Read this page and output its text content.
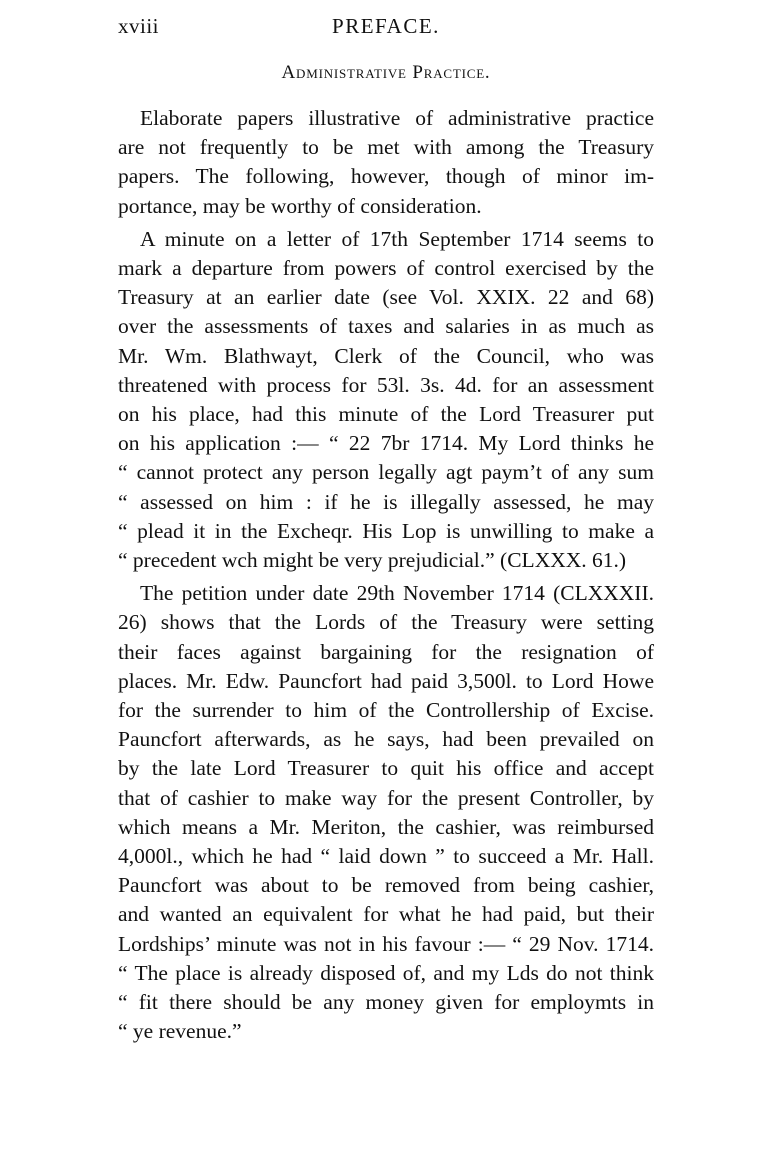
xviii	PREFACE.
Administrative Practice.

Elaborate papers illustrative of administrative practice
are not frequently to be met with among the Treasury
papers. The following, however, though of minor im-
portance, may be worthy of consideration.

A minute on a letter of 17th September 1714 seems to
mark a departure from powers of control exercised by the
Treasury at an earlier date (see Vol. XXIX. 22 and 68)
over the assessments of taxes and salaries in as much as
Mr. Wm. Blathwayt, Clerk of the Council, who was
threatened with process for 53l. 3s. 4d. for an assessment
on his place, had this minute of the Lord Treasurer put
on his application :— “ 22 7br 1714. My Lord thinks he
“ cannot protect any person legally agt paym’t of any sum
“ assessed on him : if he is illegally assessed, he may
“ plead it in the Excheqr. His Lop is unwilling to make a
“ precedent wch might be very prejudicial.” (CLXXX. 61.)

The petition under date 29th November 1714 (CLXXXII.
26) shows that the Lords of the Treasury were setting
their faces against bargaining for the resignation of
places. Mr. Edw. Pauncfort had paid 3,500l. to Lord Howe
for the surrender to him of the Controllership of Excise.
Pauncfort afterwards, as he says, had been prevailed on
by the late Lord Treasurer to quit his office and accept
that of cashier to make way for the present Controller, by
which means a Mr. Meriton, the cashier, was reimbursed
4,000l., which he had “ laid down ” to succeed a Mr. Hall.
Pauncfort was about to be removed from being cashier,
and wanted an equivalent for what he had paid, but their
Lordships’ minute was not in his favour :— “ 29 Nov. 1714.
“ The place is already disposed of, and my Lds do not think
“ fit there should be any money given for employmts in
“ ye revenue.”
